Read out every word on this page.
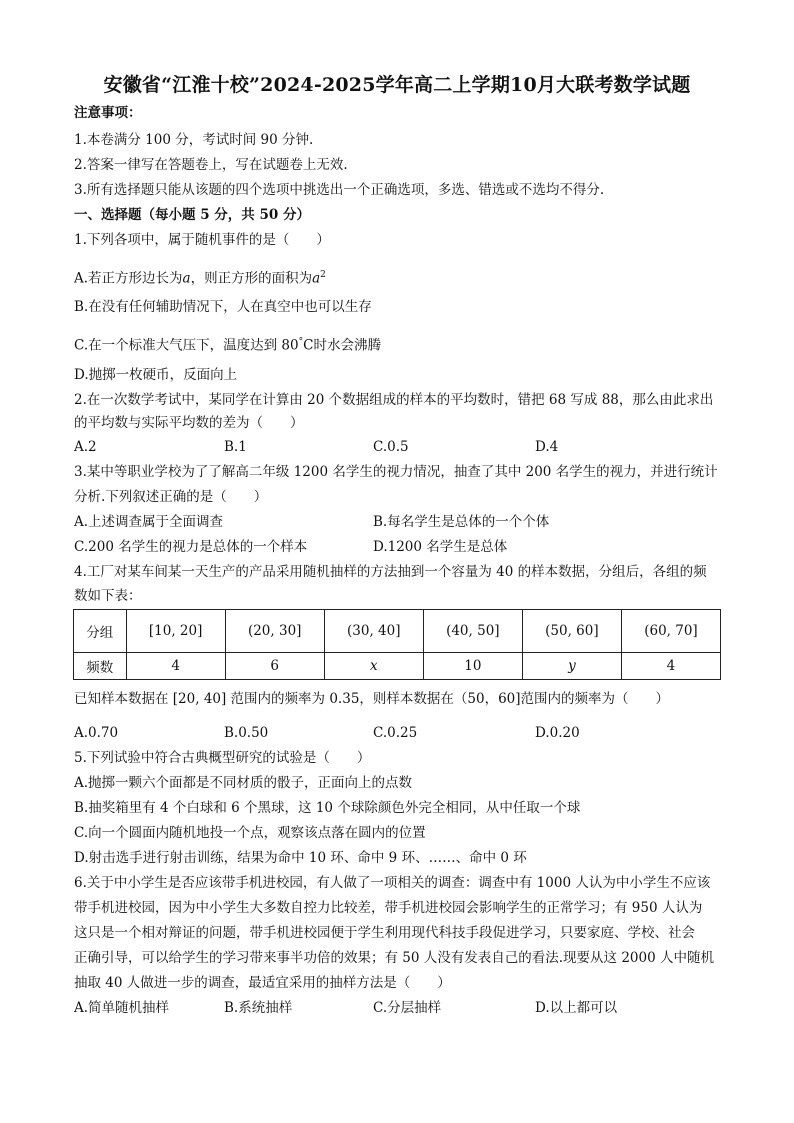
安徽省“江淮十校”2024-2025学年高二上学期10月大联考数学试题
注意事项：
1.本卷满分 100 分，考试时间 90 分钟.
2.答案一律写在答题卷上，写在试题卷上无效.
3.所有选择题只能从该题的四个选项中挑选出一个正确选项，多选、错选或不选均不得分.
一、选择题（每小题 5 分，共 50 分）
1.下列各项中，属于随机事件的是（　　）
A.若正方形边长为a，则正方形的面积为$a^2$
B.在没有任何辅助情况下，人在真空中也可以生存
C.在一个标准大气压下，温度达到 80°C时水会沸腾
D.抛掷一枚硬币，反面向上
2.在一次数学考试中，某同学在计算由 20 个数据组成的样本的平均数时，错把 68 写成 88，那么由此求出
的平均数与实际平均数的差为（　　）
A.2	B.1	C.0.5	D.4
3.某中等职业学校为了了解高二年级 1200 名学生的视力情况，抽查了其中 200 名学生的视力，并进行统计
分析.下列叙述正确的是（　　）
A.上述调查属于全面调查	B.每名学生是总体的一个个体
C.200 名学生的视力是总体的一个样本	D.1200 名学生是总体
4.工厂对某车间某一天生产的产品采用随机抽样的方法抽到一个容量为 40 的样本数据，分组后，各组的频
数如下表：
分组	[10, 20]	(20, 30]	(30, 40]	(40, 50]	(50, 60]	(60, 70]
频数	4	6	x	10	y	4
已知样本数据在 [20, 40] 范围内的频率为 0.35，则样本数据在（50，60]范围内的频率为（　　）
A.0.70	B.0.50	C.0.25	D.0.20
5.下列试验中符合古典概型研究的试验是（　　）
A.抛掷一颗六个面都是不同材质的骰子，正面向上的点数
B.抽奖箱里有 4 个白球和 6 个黑球，这 10 个球除颜色外完全相同，从中任取一个球
C.向一个圆面内随机地投一个点，观察该点落在圆内的位置
D.射击选手进行射击训练，结果为命中 10 环、命中 9 环、……、命中 0 环
6.关于中小学生是否应该带手机进校园，有人做了一项相关的调查：调查中有 1000 人认为中小学生不应该
带手机进校园，因为中小学生大多数自控力比较差，带手机进校园会影响学生的正常学习；有 950 人认为
这只是一个相对辩证的问题，带手机进校园便于学生利用现代科技手段促进学习，只要家庭、学校、社会
正确引导，可以给学生的学习带来事半功倍的效果；有 50 人没有发表自己的看法.现要从这 2000 人中随机
抽取 40 人做进一步的调查，最适宜采用的抽样方法是（　　）
A.简单随机抽样	B.系统抽样	C.分层抽样	D.以上都可以
